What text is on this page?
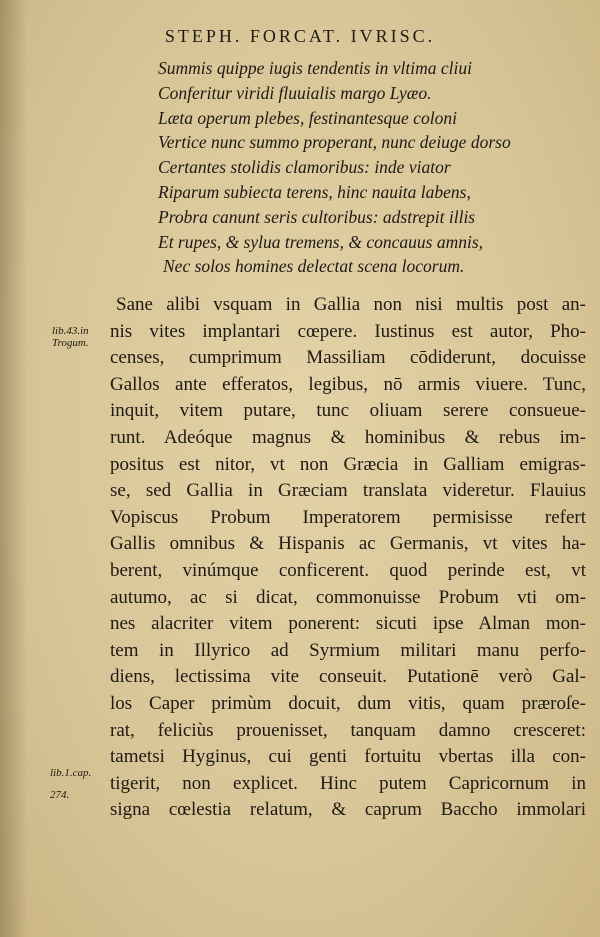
STEPH. FORCAT. IVRISC.
Summis quippe iugis tendentis in vltima cliui
Conferitur viridi fluuialis margo Lyæo.
Læta operum plebes, festinantesque coloni
Vertice nunc summo properant, nunc deiuge dorso
Certantes stolidis clamoribus: inde viator
Riparum subiecta terens, hinc nauita labens,
Probra canunt seris cultoribus: adstrepit illis
Et rupes, & sylua tremens, & concauus amnis,
Nec solos homines delectat scena locorum.
lib.43.in
Trogum.
lib.1.cap.
274.
Sane alibi vsquam in Gallia non nisi multis post an-
nis vites implantari cœpere. Iustinus est autor, Pho-
censes, cumprimum Massiliam cōdiderunt, docuisse
Gallos ante efferatos, legibus, nō armis viuere. Tunc,
inquit, vitem putare, tunc oliuam serere consueue-
runt. Adeóque magnus & hominibus & rebus im-
positus est nitor, vt non Græcia in Galliam emigras-
se, sed Gallia in Græciam translata videretur. Flauius
Vopiscus Probum Imperatorem permisisse refert
Gallis omnibus & Hispanis ac Germanis, vt vites ha-
berent, vinúmque conficerent. quod perinde est, vt
autumo, ac si dicat, commonuisse Probum vti om-
nes alacriter vitem ponerent: sicuti ipse Alman mon-
tem in Illyrico ad Syrmium militari manu perfo-
diens, lectissima vite conseuit. Putationē verò Gal-
los Caper primùm docuit, dum vitis, quam præroſe-
rat, feliciùs prouenisset, tanquam damno cresceret:
tametsi Hyginus, cui genti fortuitu vbertas illa con-
tigerit, non explicet. Hinc putem Capricornum in
signa cœlestia relatum, & caprum Baccho immolari
